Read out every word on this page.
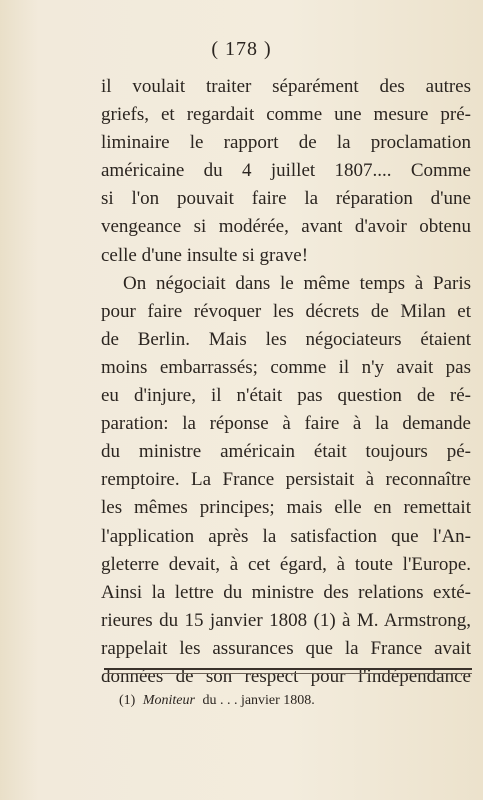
( 178 )
il voulait traiter séparément des autres
griefs, et regardait comme une mesure pré-
liminaire le rapport de la proclamation
américaine du 4 juillet 1807.... Comme
si l'on pouvait faire la réparation d'une
vengeance si modérée, avant d'avoir obtenu
celle d'une insulte si grave!
On négociait dans le même temps à Paris
pour faire révoquer les décrets de Milan et
de Berlin. Mais les négociateurs étaient
moins embarrassés; comme il n'y avait pas
eu d'injure, il n'était pas question de ré-
paration: la réponse à faire à la demande
du ministre américain était toujours pé-
remptoire. La France persistait à reconnaître
les mêmes principes; mais elle en remettait
l'application après la satisfaction que l'An-
gleterre devait, à cet égard, à toute l'Europe.
Ainsi la lettre du ministre des relations exté-
rieures du 15 janvier 1808 (1) à M. Armstrong,
rappelait les assurances que la France avait
données de son respect pour l'indépendance
(1) Moniteur du . . . janvier 1808.
